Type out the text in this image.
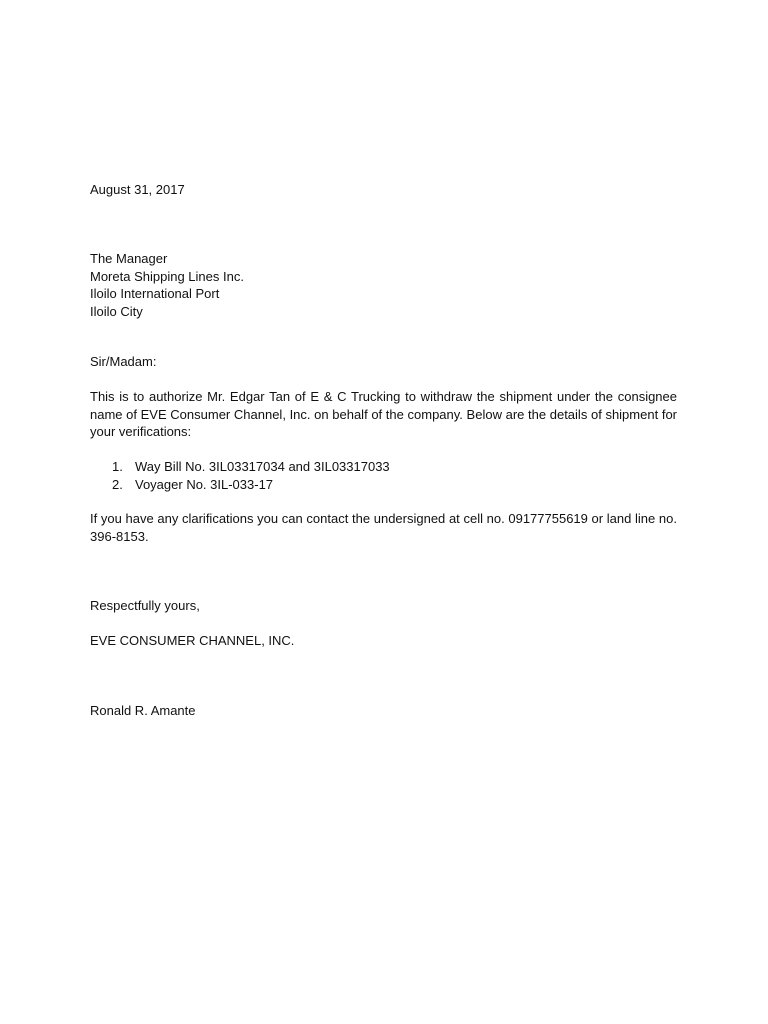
August 31, 2017

The Manager
Moreta Shipping Lines Inc.
Iloilo International Port
Iloilo City

Sir/Madam:

This is to authorize Mr. Edgar Tan of E & C Trucking to withdraw the shipment under the consignee name of EVE Consumer Channel, Inc. on behalf of the company. Below are the details of shipment for your verifications:

1. Way Bill No. 3IL03317034 and 3IL03317033
2. Voyager No. 3IL-033-17

If you have any clarifications you can contact the undersigned at cell no. 09177755619 or land line no. 396-8153.

Respectfully yours,

EVE CONSUMER CHANNEL, INC.

Ronald R. Amante
